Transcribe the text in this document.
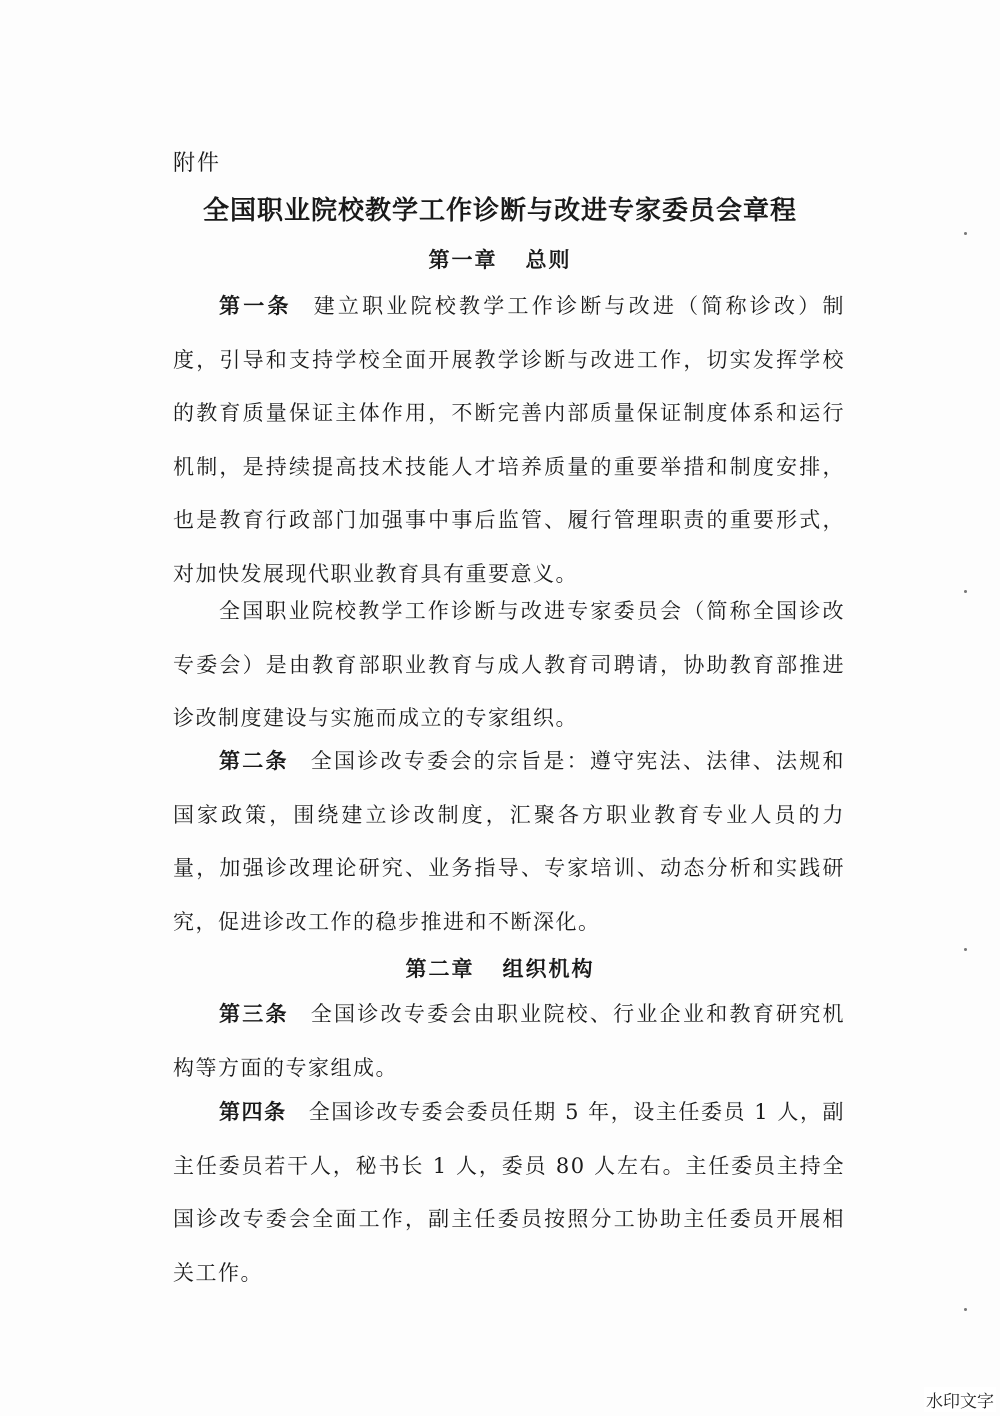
附件
全国职业院校教学工作诊断与改进专家委员会章程
第一章 总则
第一条 建立职业院校教学工作诊断与改进（简称诊改）制度，引导和支持学校全面开展教学诊断与改进工作，切实发挥学校的教育质量保证主体作用，不断完善内部质量保证制度体系和运行机制，是持续提高技术技能人才培养质量的重要举措和制度安排，也是教育行政部门加强事中事后监管、履行管理职责的重要形式，对加快发展现代职业教育具有重要意义。
全国职业院校教学工作诊断与改进专家委员会（简称全国诊改专委会）是由教育部职业教育与成人教育司聘请，协助教育部推进诊改制度建设与实施而成立的专家组织。
第二条 全国诊改专委会的宗旨是：遵守宪法、法律、法规和国家政策，围绕建立诊改制度，汇聚各方职业教育专业人员的力量，加强诊改理论研究、业务指导、专家培训、动态分析和实践研究，促进诊改工作的稳步推进和不断深化。
第二章 组织机构
第三条 全国诊改专委会由职业院校、行业企业和教育研究机构等方面的专家组成。
第四条 全国诊改专委会委员任期 5 年，设主任委员 1 人，副主任委员若干人，秘书长 1 人，委员 80 人左右。主任委员主持全国诊改专委会全面工作，副主任委员按照分工协助主任委员开展相关工作。
水印文字
